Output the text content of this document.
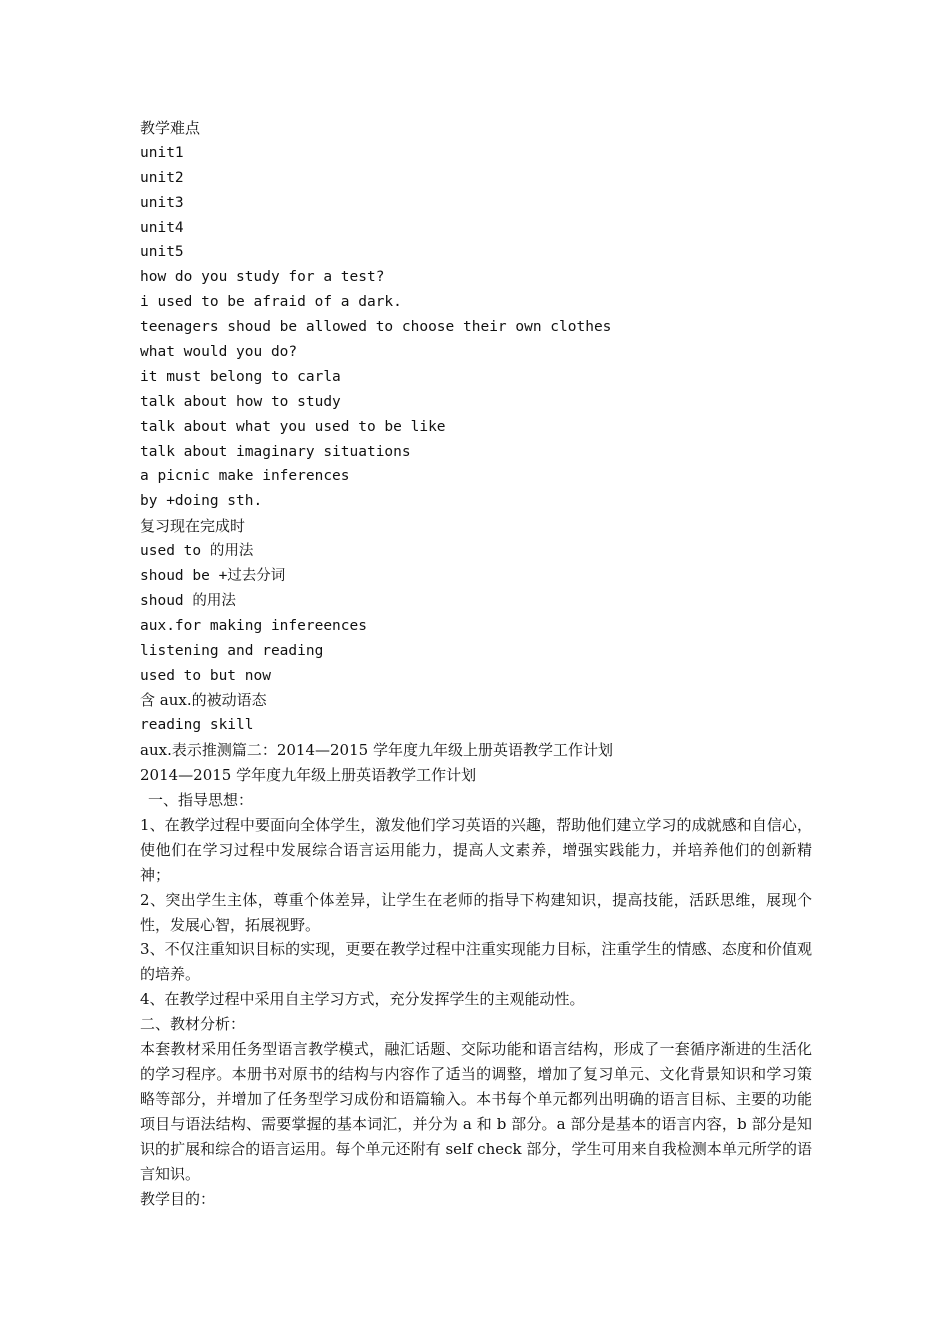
教学难点
unit1
unit2
unit3
unit4
unit5
how do you study for a test?
i used to be afraid of a dark.
teenagers shoud be allowed to choose their own clothes
what would you do?
it must belong to carla
talk about how to study
talk about what you used to be like
talk about imaginary situations
a picnic make inferences
by +doing sth.
复习现在完成时
used to 的用法
shoud be +过去分词
shoud 的用法
aux.for making infereences
listening and reading
used to but now
含 aux.的被动语态
reading skill
aux.表示推测篇二：2014—2015 学年度九年级上册英语教学工作计划
2014—2015 学年度九年级上册英语教学工作计划
一、指导思想：
1、在教学过程中要面向全体学生，激发他们学习英语的兴趣，帮助他们建立学习的成就感和自信心，使他们在学习过程中发展综合语言运用能力，提高人文素养，增强实践能力，并培养他们的创新精神；
2、突出学生主体，尊重个体差异，让学生在老师的指导下构建知识，提高技能，活跃思维，展现个性，发展心智，拓展视野。
3、不仅注重知识目标的实现，更要在教学过程中注重实现能力目标，注重学生的情感、态度和价值观的培养。
4、在教学过程中采用自主学习方式，充分发挥学生的主观能动性。
二、教材分析：
本套教材采用任务型语言教学模式，融汇话题、交际功能和语言结构，形成了一套循序渐进的生活化的学习程序。本册书对原书的结构与内容作了适当的调整，增加了复习单元、文化背景知识和学习策略等部分，并增加了任务型学习成份和语篇输入。本书每个单元都列出明确的语言目标、主要的功能项目与语法结构、需要掌握的基本词汇，并分为 a 和 b 部分。a 部分是基本的语言内容，b 部分是知识的扩展和综合的语言运用。每个单元还附有 self check 部分，学生可用来自我检测本单元所学的语言知识。
教学目的：
